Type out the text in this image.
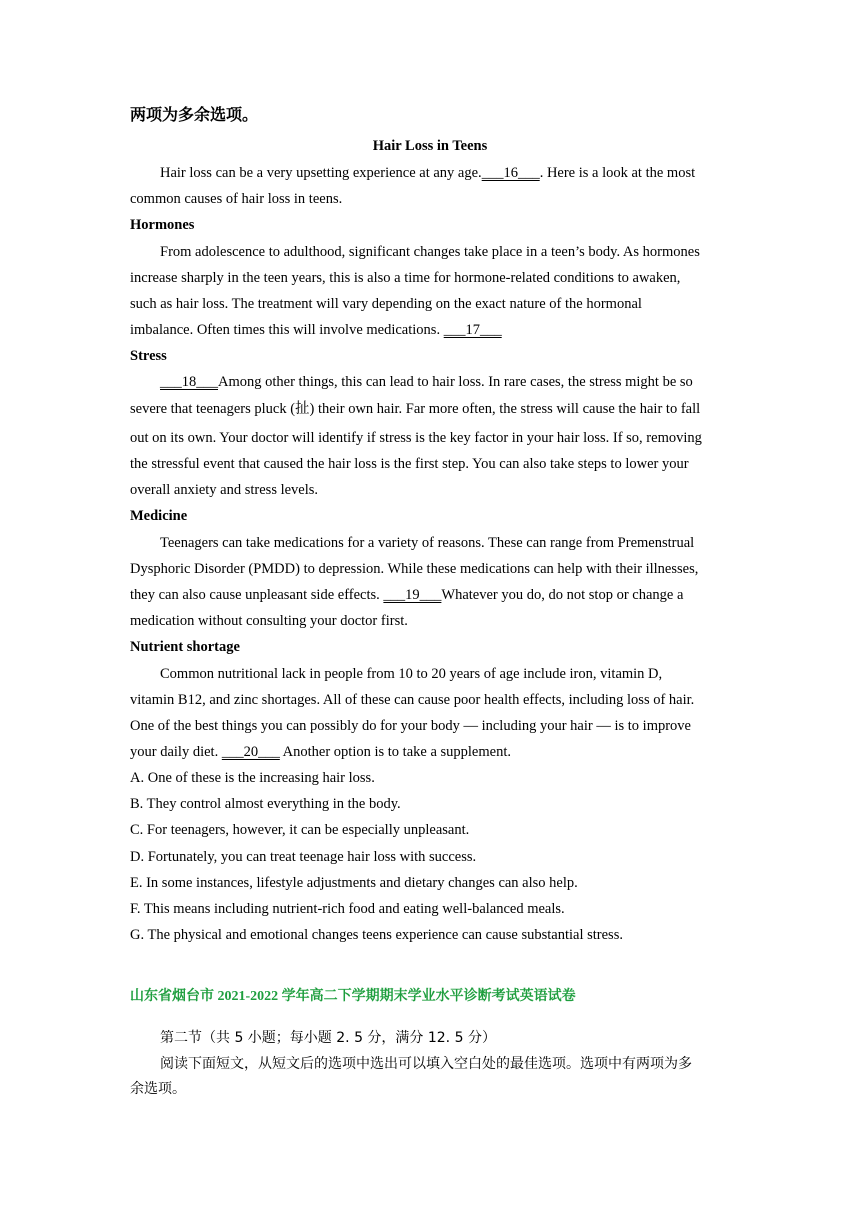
两项为多余选项。
Hair Loss in Teens
Hair loss can be a very upsetting experience at any age.___16___. Here is a look at the most
common causes of hair loss in teens.
Hormones
From adolescence to adulthood, significant changes take place in a teen’s body. As hormones
increase sharply in the teen years, this is also a time for hormone-related conditions to awaken,
such as hair loss. The treatment will vary depending on the exact nature of the hormonal
imbalance. Often times this will involve medications. ___17___
Stress
___18___Among other things, this can lead to hair loss. In rare cases, the stress might be so
severe that teenagers pluck (扯) their own hair. Far more often, the stress will cause the hair to fall
out on its own. Your doctor will identify if stress is the key factor in your hair loss. If so, removing
the stressful event that caused the hair loss is the first step. You can also take steps to lower your
overall anxiety and stress levels.
Medicine
Teenagers can take medications for a variety of reasons. These can range from Premenstrual
Dysphoric Disorder (PMDD) to depression. While these medications can help with their illnesses,
they can also cause unpleasant side effects. ___19___Whatever you do, do not stop or change a
medication without consulting your doctor first.
Nutrient shortage
Common nutritional lack in people from 10 to 20 years of age include iron, vitamin D,
vitamin B12, and zinc shortages. All of these can cause poor health effects, including loss of hair.
One of the best things you can possibly do for your body — including your hair — is to improve
your daily diet. ___20___ Another option is to take a supplement.
A. One of these is the increasing hair loss.
B. They control almost everything in the body.
C. For teenagers, however, it can be especially unpleasant.
D. Fortunately, you can treat teenage hair loss with success.
E. In some instances, lifestyle adjustments and dietary changes can also help.
F. This means including nutrient-rich food and eating well-balanced meals.
G. The physical and emotional changes teens experience can cause substantial stress.
山东省烟台市 2021-2022 学年高二下学期期末学业水平诊断考试英语试卷
第二节（共 5 小题；每小题 2. 5 分，满分 12. 5 分）
阅读下面短文，从短文后的选项中选出可以填入空白处的最佳选项。选项中有两项为多
余选项。
